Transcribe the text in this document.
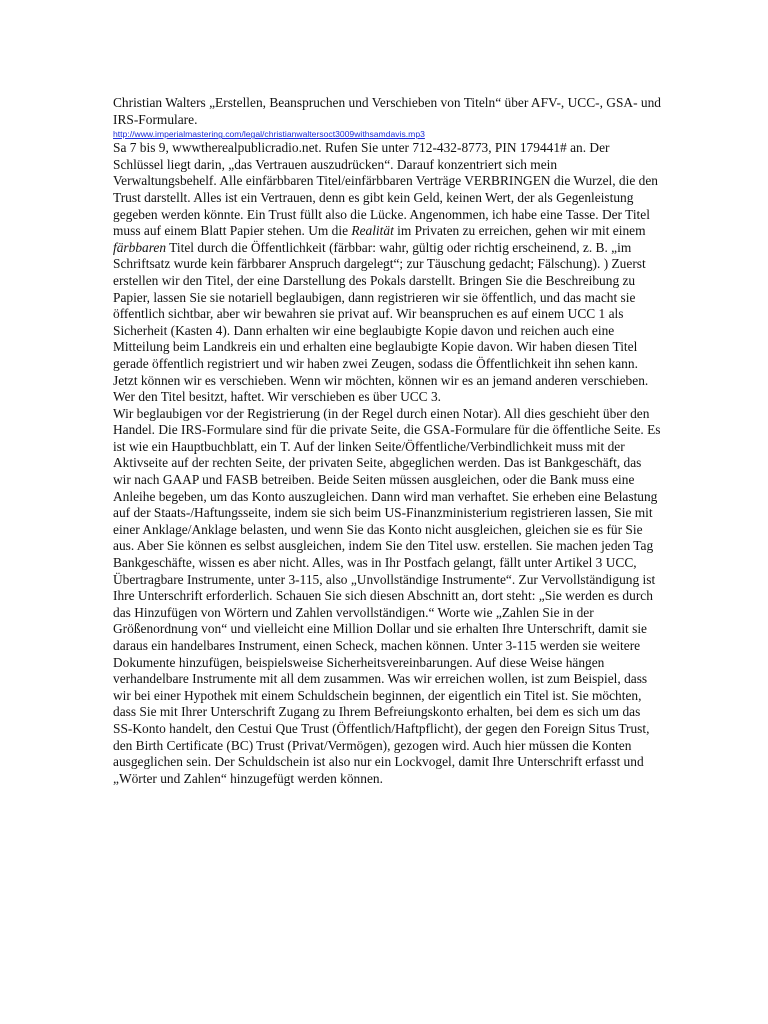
Christian Walters „Erstellen, Beanspruchen und Verschieben von Titeln“ über AFV-, UCC-, GSA- und IRS-Formulare.

http://www.imperialmastering.com/legal/christianwaltersoct3009withsamdavis.mp3

Sa 7 bis 9, wwwtherealpublicradio.net. Rufen Sie unter 712-432-8773, PIN 179441# an. Der Schlüssel liegt darin, „das Vertrauen auszudrücken“. Darauf konzentriert sich mein Verwaltungsbehelf. Alle einfärbbaren Titel/einfärbbaren Verträge VERBRINGEN die Wurzel, die den Trust darstellt. Alles ist ein Vertrauen, denn es gibt kein Geld, keinen Wert, der als Gegenleistung gegeben werden könnte. Ein Trust füllt also die Lücke. Angenommen, ich habe eine Tasse. Der Titel muss auf einem Blatt Papier stehen. Um die Realität im Privaten zu erreichen, gehen wir mit einem färbbaren Titel durch die Öffentlichkeit (färbbar: wahr, gültig oder richtig erscheinend, z. B. „im Schriftsatz wurde kein färbbarer Anspruch dargelegt“; zur Täuschung gedacht; Fälschung). ) Zuerst erstellen wir den Titel, der eine Darstellung des Pokals darstellt. Bringen Sie die Beschreibung zu Papier, lassen Sie sie notariell beglaubigen, dann registrieren wir sie öffentlich, und das macht sie öffentlich sichtbar, aber wir bewahren sie privat auf. Wir beanspruchen es auf einem UCC 1 als Sicherheit (Kasten 4). Dann erhalten wir eine beglaubigte Kopie davon und reichen auch eine Mitteilung beim Landkreis ein und erhalten eine beglaubigte Kopie davon. Wir haben diesen Titel gerade öffentlich registriert und wir haben zwei Zeugen, sodass die Öffentlichkeit ihn sehen kann. Jetzt können wir es verschieben. Wenn wir möchten, können wir es an jemand anderen verschieben. Wer den Titel besitzt, haftet. Wir verschieben es über UCC 3.

Wir beglaubigen vor der Registrierung (in der Regel durch einen Notar). All dies geschieht über den Handel. Die IRS-Formulare sind für die private Seite, die GSA-Formulare für die öffentliche Seite. Es ist wie ein Hauptbuchblatt, ein T. Auf der linken Seite/Öffentliche/Verbindlichkeit muss mit der Aktivseite auf der rechten Seite, der privaten Seite, abgeglichen werden. Das ist Bankgeschäft, das wir nach GAAP und FASB betreiben. Beide Seiten müssen ausgleichen, oder die Bank muss eine Anleihe begeben, um das Konto auszugleichen. Dann wird man verhaftet. Sie erheben eine Belastung auf der Staats-/Haftungsseite, indem sie sich beim US-Finanzministerium registrieren lassen, Sie mit einer Anklage/Anklage belasten, und wenn Sie das Konto nicht ausgleichen, gleichen sie es für Sie aus. Aber Sie können es selbst ausgleichen, indem Sie den Titel usw. erstellen. Sie machen jeden Tag Bankgeschäfte, wissen es aber nicht. Alles, was in Ihr Postfach gelangt, fällt unter Artikel 3 UCC, Übertragbare Instrumente, unter 3-115, also „Unvollständige Instrumente“. Zur Vervollständigung ist Ihre Unterschrift erforderlich. Schauen Sie sich diesen Abschnitt an, dort steht: „Sie werden es durch das Hinzufügen von Wörtern und Zahlen vervollständigen.“ Worte wie „Zahlen Sie in der Größenordnung von“ und vielleicht eine Million Dollar und sie erhalten Ihre Unterschrift, damit sie daraus ein handelbares Instrument, einen Scheck, machen können. Unter 3-115 werden sie weitere Dokumente hinzufügen, beispielsweise Sicherheitsvereinbarungen. Auf diese Weise hängen verhandelbare Instrumente mit all dem zusammen. Was wir erreichen wollen, ist zum Beispiel, dass wir bei einer Hypothek mit einem Schuldschein beginnen, der eigentlich ein Titel ist. Sie möchten, dass Sie mit Ihrer Unterschrift Zugang zu Ihrem Befreiungskonto erhalten, bei dem es sich um das SS-Konto handelt, den Cestui Que Trust (Öffentlich/Haftpflicht), der gegen den Foreign Situs Trust, den Birth Certificate (BC) Trust (Privat/Vermögen), gezogen wird. Auch hier müssen die Konten ausgeglichen sein. Der Schuldschein ist also nur ein Lockvogel, damit Ihre Unterschrift erfasst und „Wörter und Zahlen“ hinzugefügt werden können.
